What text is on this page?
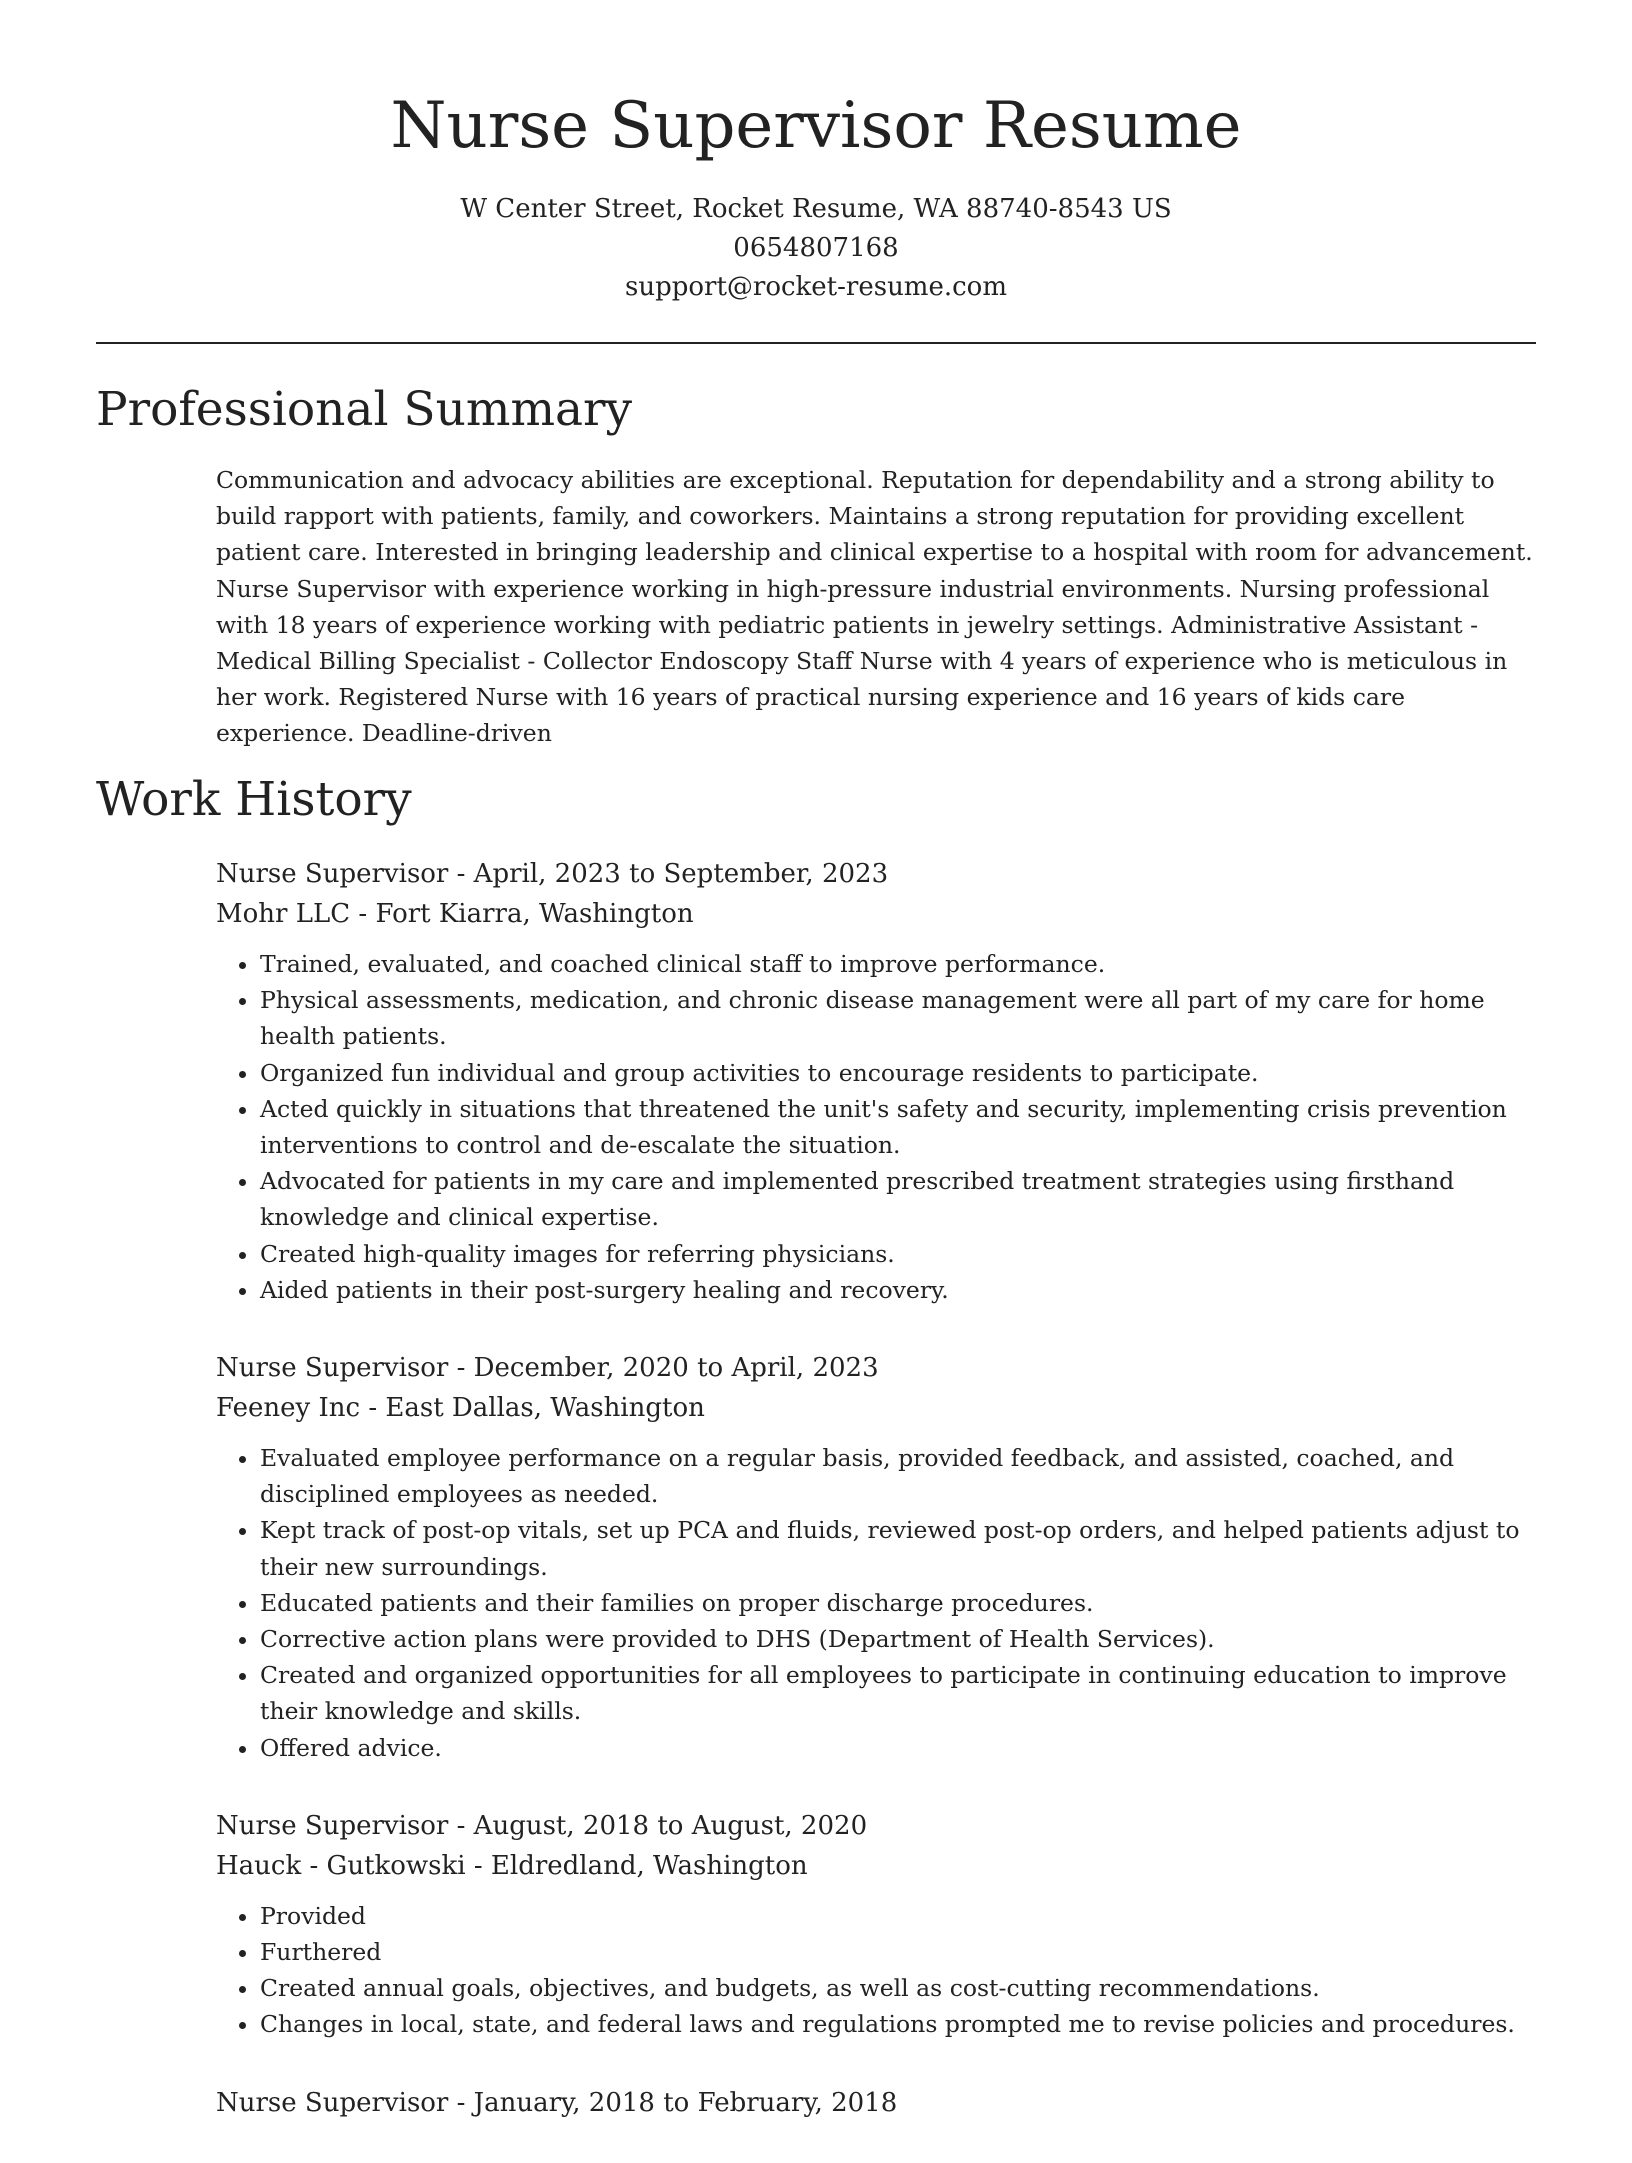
Nurse Supervisor Resume
W Center Street, Rocket Resume, WA 88740-8543 US
0654807168
support@rocket-resume.com
Professional Summary

Communication and advocacy abilities are exceptional. Reputation for dependability and a strong ability to build rapport with patients, family, and coworkers. Maintains a strong reputation for providing excellent patient care. Interested in bringing leadership and clinical expertise to a hospital with room for advancement. Nurse Supervisor with experience working in high-pressure industrial environments. Nursing professional with 18 years of experience working with pediatric patients in jewelry settings. Administrative Assistant - Medical Billing Specialist - Collector Endoscopy Staff Nurse with 4 years of experience who is meticulous in her work. Registered Nurse with 16 years of practical nursing experience and 16 years of kids care experience. Deadline-driven

Work History
Nurse Supervisor - April, 2023 to September, 2023
Mohr LLC - Fort Kiarra, Washington
• Trained, evaluated, and coached clinical staff to improve performance.
• Physical assessments, medication, and chronic disease management were all part of my care for home health patients.
• Organized fun individual and group activities to encourage residents to participate.
• Acted quickly in situations that threatened the unit's safety and security, implementing crisis prevention interventions to control and de-escalate the situation.
• Advocated for patients in my care and implemented prescribed treatment strategies using firsthand knowledge and clinical expertise.
• Created high-quality images for referring physicians.
• Aided patients in their post-surgery healing and recovery.
Nurse Supervisor - December, 2020 to April, 2023
Feeney Inc - East Dallas, Washington
• Evaluated employee performance on a regular basis, provided feedback, and assisted, coached, and disciplined employees as needed.
• Kept track of post-op vitals, set up PCA and fluids, reviewed post-op orders, and helped patients adjust to their new surroundings.
• Educated patients and their families on proper discharge procedures.
• Corrective action plans were provided to DHS (Department of Health Services).
• Created and organized opportunities for all employees to participate in continuing education to improve their knowledge and skills.
• Offered advice.
Nurse Supervisor - August, 2018 to August, 2020
Hauck - Gutkowski - Eldredland, Washington
• Provided
• Furthered
• Created annual goals, objectives, and budgets, as well as cost-cutting recommendations.
• Changes in local, state, and federal laws and regulations prompted me to revise policies and procedures.
Nurse Supervisor - January, 2018 to February, 2018
